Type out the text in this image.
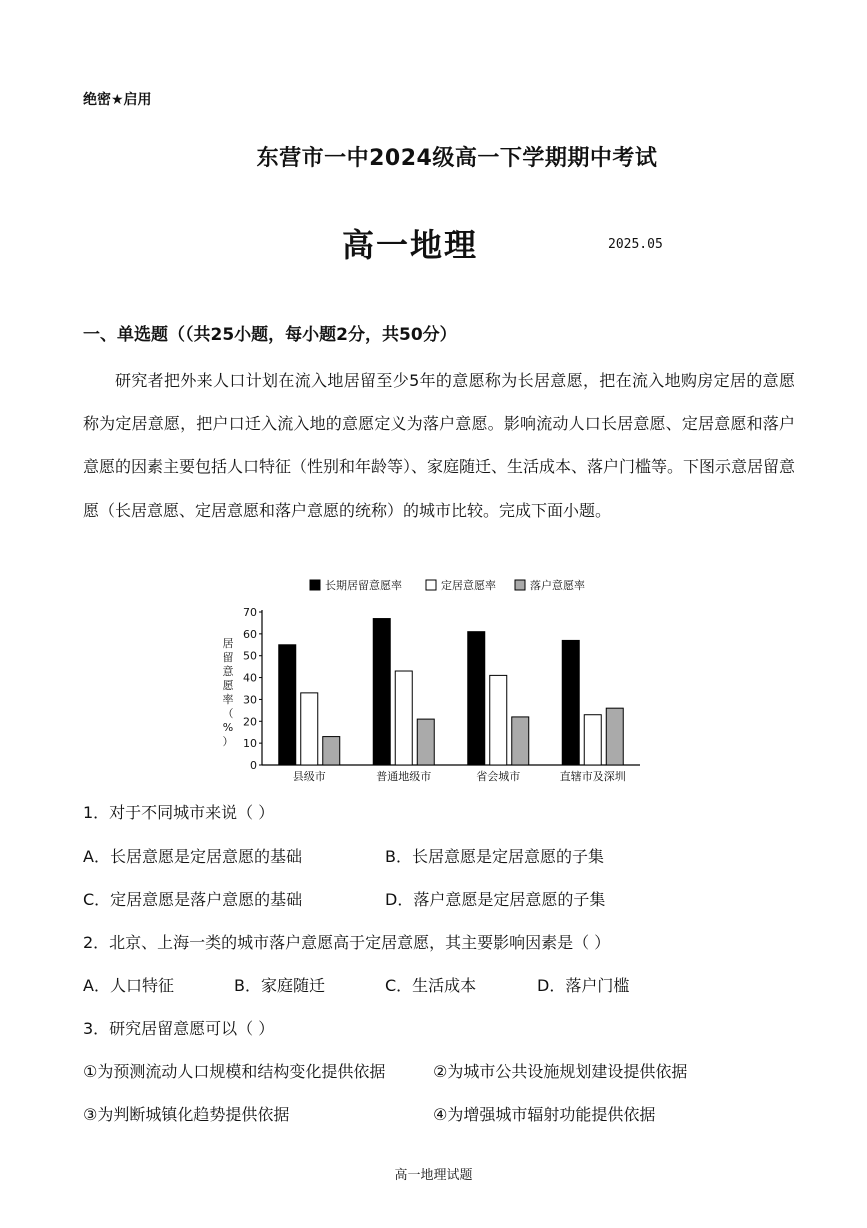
绝密★启用
东营市一中2024级高一下学期期中考试
高一地理	2025.05
一、单选题（（共25小题，每小题2分，共50分）

研究者把外来人口计划在流入地居留至少5年的意愿称为长居意愿，把在流入地购房定居的意愿称为定居意愿，把户口迁入流入地的意愿定义为落户意愿。影响流动人口长居意愿、定居意愿和落户意愿的因素主要包括人口特征（性别和年龄等）、家庭随迁、生活成本、落户门槛等。下图示意居留意愿（长居意愿、定居意愿和落户意愿的统称）的城市比较。完成下面小题。

长期居留意愿率	定居意愿率	落户意愿率
居留意愿率（%）
0
10
20
30
40
50
60
70
县级市	普通地级市	省会城市	直辖市及深圳
1．对于不同城市来说（ ）
A．长居意愿是定居意愿的基础	B．长居意愿是定居意愿的子集
C．定居意愿是落户意愿的基础	D．落户意愿是定居意愿的子集
2．北京、上海一类的城市落户意愿高于定居意愿，其主要影响因素是（ ）
A．人口特征	B．家庭随迁	C．生活成本	D．落户门槛
3．研究居留意愿可以（ ）
①为预测流动人口规模和结构变化提供依据	②为城市公共设施规划建设提供依据
③为判断城镇化趋势提供依据	④为增强城市辐射功能提供依据
高一地理试题
